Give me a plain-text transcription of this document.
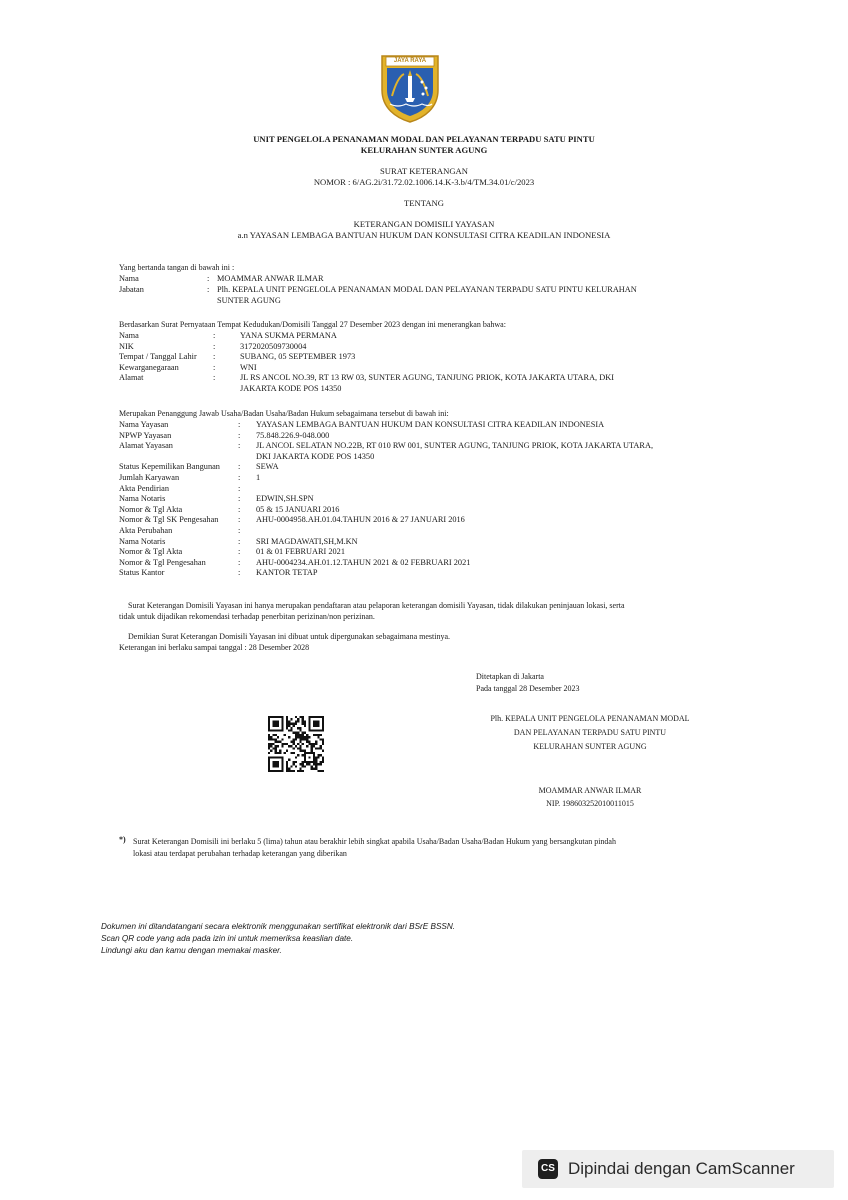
JAYA RAYA
UNIT PENGELOLA PENANAMAN MODAL DAN PELAYANAN TERPADU SATU PINTU
KELURAHAN SUNTER AGUNG
SURAT KETERANGAN
NOMOR : 6/AG.2i/31.72.02.1006.14.K-3.b/4/TM.34.01/c/2023
TENTANG
KETERANGAN DOMISILI YAYASAN
a.n YAYASAN LEMBAGA BANTUAN HUKUM DAN KONSULTASI CITRA KEADILAN INDONESIA
Yang bertanda tangan di bawah ini :
Nama	: MOAMMAR ANWAR ILMAR
Jabatan	: Plh. KEPALA UNIT PENGELOLA PENANAMAN MODAL DAN PELAYANAN TERPADU SATU PINTU KELURAHAN
SUNTER AGUNG
Berdasarkan Surat Pernyataan Tempat Kedudukan/Domisili Tanggal 27 Desember 2023 dengan ini menerangkan bahwa:
Nama	:	YANA SUKMA PERMANA
NIK	:	3172020509730004
Tempat / Tanggal Lahir :	SUBANG, 05 SEPTEMBER 1973
Kewarganegaraan	:	WNI
Alamat	:	JL RS ANCOL NO.39, RT 13 RW 03, SUNTER AGUNG, TANJUNG PRIOK, KOTA JAKARTA UTARA, DKI
JAKARTA KODE POS 14350
Merupakan Penanggung Jawab Usaha/Badan Usaha/Badan Hukum sebagaimana tersebut di bawah ini:
Nama Yayasan	: YAYASAN LEMBAGA BANTUAN HUKUM DAN KONSULTASI CITRA KEADILAN INDONESIA
NPWP Yayasan	: 75.848.226.9-048.000
Alamat Yayasan	: JL ANCOL SELATAN NO.22B, RT 010 RW 001, SUNTER AGUNG, TANJUNG PRIOK, KOTA JAKARTA UTARA,
DKI JAKARTA KODE POS 14350
Status Kepemilikan Bangunan : SEWA
Jumlah Karyawan	: 1
Akta Pendirian	:
Nama Notaris	: EDWIN,SH.SPN
Nomor & Tgl Akta	: 05 & 15 JANUARI 2016
Nomor & Tgl SK Pengesahan : AHU-0004958.AH.01.04.TAHUN 2016 & 27 JANUARI 2016
Akta Perubahan	:
Nama Notaris	: SRI MAGDAWATI,SH,M.KN
Nomor & Tgl Akta	: 01 & 01 FEBRUARI 2021
Nomor & Tgl Pengesahan	: AHU-0004234.AH.01.12.TAHUN 2021 & 02 FEBRUARI 2021
Status Kantor	: KANTOR TETAP
Surat Keterangan Domisili Yayasan ini hanya merupakan pendaftaran atau pelaporan keterangan domisili Yayasan, tidak dilakukan peninjauan lokasi, serta
tidak untuk dijadikan rekomendasi terhadap penerbitan perizinan/non perizinan.
Demikian Surat Keterangan Domisili Yayasan ini dibuat untuk dipergunakan sebagaimana mestinya.
Keterangan ini berlaku sampai tanggal : 28 Desember 2028
Ditetapkan di Jakarta
Pada tanggal 28 Desember 2023
Plh. KEPALA UNIT PENGELOLA PENANAMAN MODAL
DAN PELAYANAN TERPADU SATU PINTU
KELURAHAN SUNTER AGUNG
MOAMMAR ANWAR ILMAR
NIP. 198603252010011015
*) Surat Keterangan Domisili ini berlaku 5 (lima) tahun atau berakhir lebih singkat apabila Usaha/Badan Usaha/Badan Hukum yang bersangkutan pindah
lokasi atau terdapat perubahan terhadap keterangan yang diberikan
Dokumen ini ditandatangani secara elektronik menggunakan sertifikat elektronik dari BSrE BSSN.
Scan QR code yang ada pada izin ini untuk memeriksa keaslian date.
Lindungi aku dan kamu dengan memakai masker.
CS Dipindai dengan CamScanner
